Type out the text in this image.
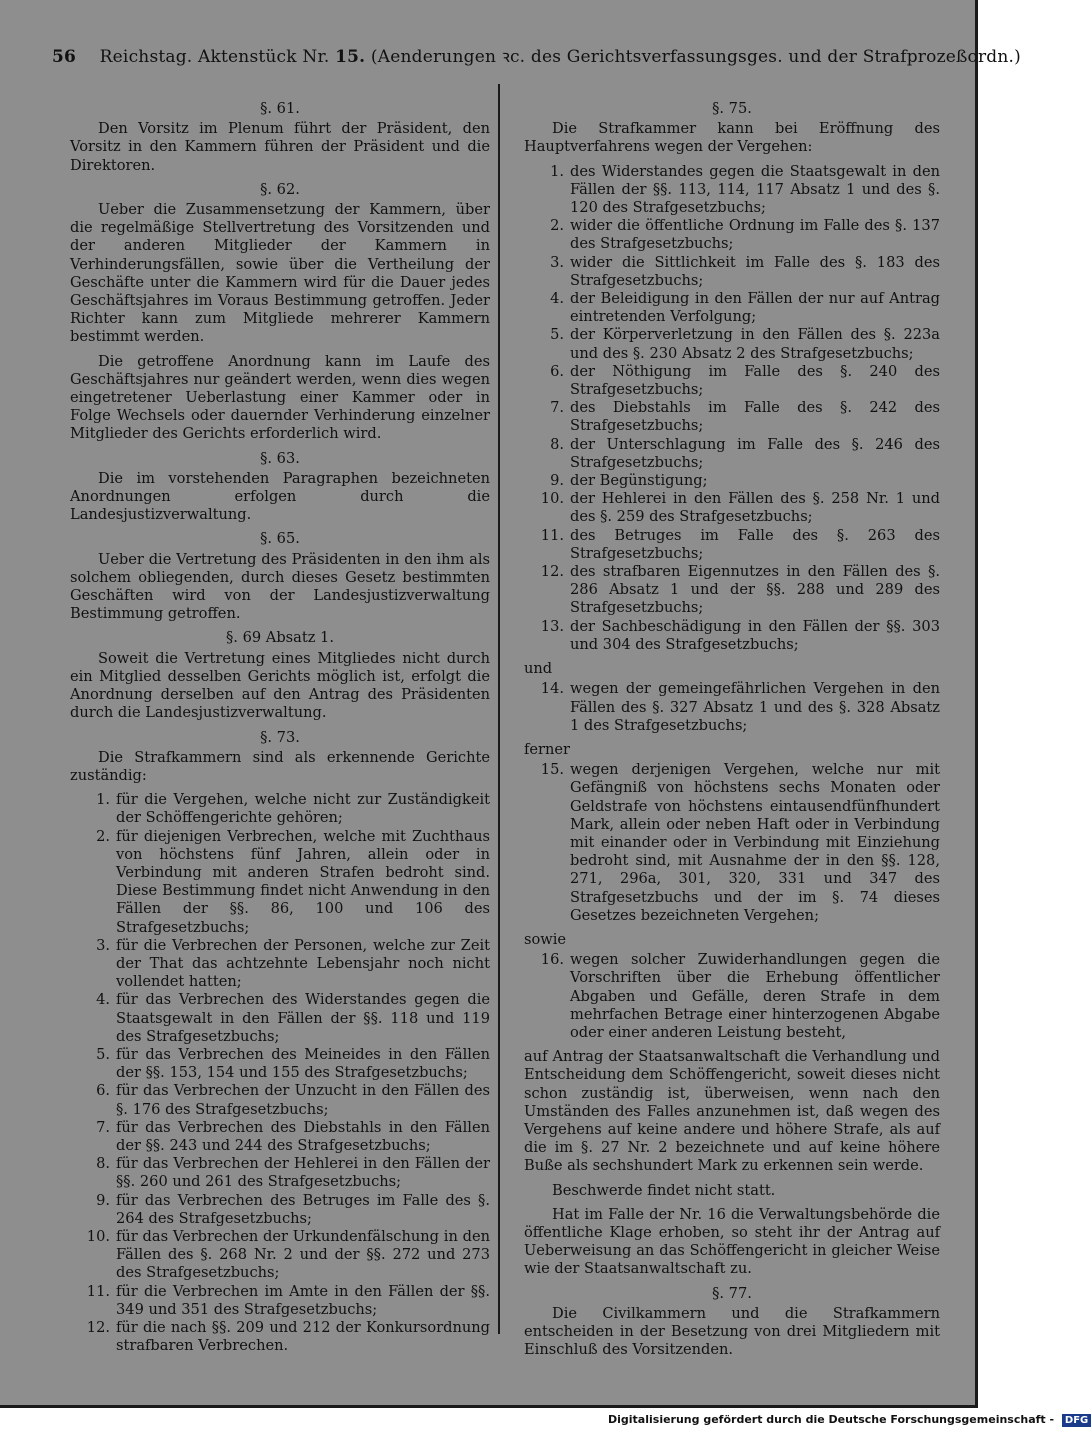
56 Reichstag. Aktenstück Nr. 15. (Aenderungen ꝛc. des Gerichtsverfassungsges. und der Strafprozeßordn.)
§. 61.

Den Vorsitz im Plenum führt der Präsident, den Vorsitz in den Kammern führen der Präsident und die Direktoren.

§. 62.

Ueber die Zusammensetzung der Kammern, über die regelmäßige Stellvertretung des Vorsitzenden und der anderen Mitglieder der Kammern in Verhinderungsfällen, sowie über die Vertheilung der Geschäfte unter die Kammern wird für die Dauer jedes Geschäftsjahres im Voraus Bestimmung getroffen. Jeder Richter kann zum Mitgliede mehrerer Kammern bestimmt werden.

Die getroffene Anordnung kann im Laufe des Geschäftsjahres nur geändert werden, wenn dies wegen eingetretener Ueberlastung einer Kammer oder in Folge Wechsels oder dauernder Verhinderung einzelner Mitglieder des Gerichts erforderlich wird.

§. 63.

Die im vorstehenden Paragraphen bezeichneten Anordnungen erfolgen durch die Landesjustizverwaltung.

§. 65.

Ueber die Vertretung des Präsidenten in den ihm als solchem obliegenden, durch dieses Gesetz bestimmten Geschäften wird von der Landesjustizverwaltung Bestimmung getroffen.

§. 69 Absatz 1.

Soweit die Vertretung eines Mitgliedes nicht durch ein Mitglied desselben Gerichts möglich ist, erfolgt die Anordnung derselben auf den Antrag des Präsidenten durch die Landesjustizverwaltung.

§. 73.

Die Strafkammern sind als erkennende Gerichte zuständig:

1. für die Vergehen, welche nicht zur Zuständigkeit der Schöffengerichte gehören;
2. für diejenigen Verbrechen, welche mit Zuchthaus von höchstens fünf Jahren, allein oder in Verbindung mit anderen Strafen bedroht sind. Diese Bestimmung findet nicht Anwendung in den Fällen der §§. 86, 100 und 106 des Strafgesetzbuchs;
3. für die Verbrechen der Personen, welche zur Zeit der That das achtzehnte Lebensjahr noch nicht vollendet hatten;
4. für das Verbrechen des Widerstandes gegen die Staatsgewalt in den Fällen der §§. 118 und 119 des Strafgesetzbuchs;
5. für das Verbrechen des Meineides in den Fällen der §§. 153, 154 und 155 des Strafgesetzbuchs;
6. für das Verbrechen der Unzucht in den Fällen des §. 176 des Strafgesetzbuchs;
7. für das Verbrechen des Diebstahls in den Fällen der §§. 243 und 244 des Strafgesetzbuchs;
8. für das Verbrechen der Hehlerei in den Fällen der §§. 260 und 261 des Strafgesetzbuchs;
9. für das Verbrechen des Betruges im Falle des §. 264 des Strafgesetzbuchs;
10. für das Verbrechen der Urkundenfälschung in den Fällen des §. 268 Nr. 2 und der §§. 272 und 273 des Strafgesetzbuchs;
11. für die Verbrechen im Amte in den Fällen der §§. 349 und 351 des Strafgesetzbuchs;
12. für die nach §§. 209 und 212 der Konkursordnung strafbaren Verbrechen.
§. 75.

Die Strafkammer kann bei Eröffnung des Hauptverfahrens wegen der Vergehen:

1. des Widerstandes gegen die Staatsgewalt in den Fällen der §§. 113, 114, 117 Absatz 1 und des §. 120 des Strafgesetzbuchs;
2. wider die öffentliche Ordnung im Falle des §. 137 des Strafgesetzbuchs;
3. wider die Sittlichkeit im Falle des §. 183 des Strafgesetzbuchs;
4. der Beleidigung in den Fällen der nur auf Antrag eintretenden Verfolgung;
5. der Körperverletzung in den Fällen des §. 223a und des §. 230 Absatz 2 des Strafgesetzbuchs;
6. der Nöthigung im Falle des §. 240 des Strafgesetzbuchs;
7. des Diebstahls im Falle des §. 242 des Strafgesetzbuchs;
8. der Unterschlagung im Falle des §. 246 des Strafgesetzbuchs;
9. der Begünstigung;
10. der Hehlerei in den Fällen des §. 258 Nr. 1 und des §. 259 des Strafgesetzbuchs;
11. des Betruges im Falle des §. 263 des Strafgesetzbuchs;
12. des strafbaren Eigennutzes in den Fällen des §. 286 Absatz 1 und der §§. 288 und 289 des Strafgesetzbuchs;
13. der Sachbeschädigung in den Fällen der §§. 303 und 304 des Strafgesetzbuchs;
und
14. wegen der gemeingefährlichen Vergehen in den Fällen des §. 327 Absatz 1 und des §. 328 Absatz 1 des Strafgesetzbuchs;
ferner
15. wegen derjenigen Vergehen, welche nur mit Gefängniß von höchstens sechs Monaten oder Geldstrafe von höchstens eintausendfünfhundert Mark, allein oder neben Haft oder in Verbindung mit einander oder in Verbindung mit Einziehung bedroht sind, mit Ausnahme der in den §§. 128, 271, 296a, 301, 320, 331 und 347 des Strafgesetzbuchs und der im §. 74 dieses Gesetzes bezeichneten Vergehen;
sowie
16. wegen solcher Zuwiderhandlungen gegen die Vorschriften über die Erhebung öffentlicher Abgaben und Gefälle, deren Strafe in dem mehrfachen Betrage einer hinterzogenen Abgabe oder einer anderen Leistung besteht,

auf Antrag der Staatsanwaltschaft die Verhandlung und Entscheidung dem Schöffengericht, soweit dieses nicht schon zuständig ist, überweisen, wenn nach den Umständen des Falles anzunehmen ist, daß wegen des Vergehens auf keine andere und höhere Strafe, als auf die im §. 27 Nr. 2 bezeichnete und auf keine höhere Buße als sechshundert Mark zu erkennen sein werde.

Beschwerde findet nicht statt.

Hat im Falle der Nr. 16 die Verwaltungsbehörde die öffentliche Klage erhoben, so steht ihr der Antrag auf Ueberweisung an das Schöffengericht in gleicher Weise wie der Staatsanwaltschaft zu.

§. 77.

Die Civilkammern und die Strafkammern entscheiden in der Besetzung von drei Mitgliedern mit Einschluß des Vorsitzenden.

Digitalisierung gefördert durch die Deutsche Forschungsgemeinschaft - DFG
